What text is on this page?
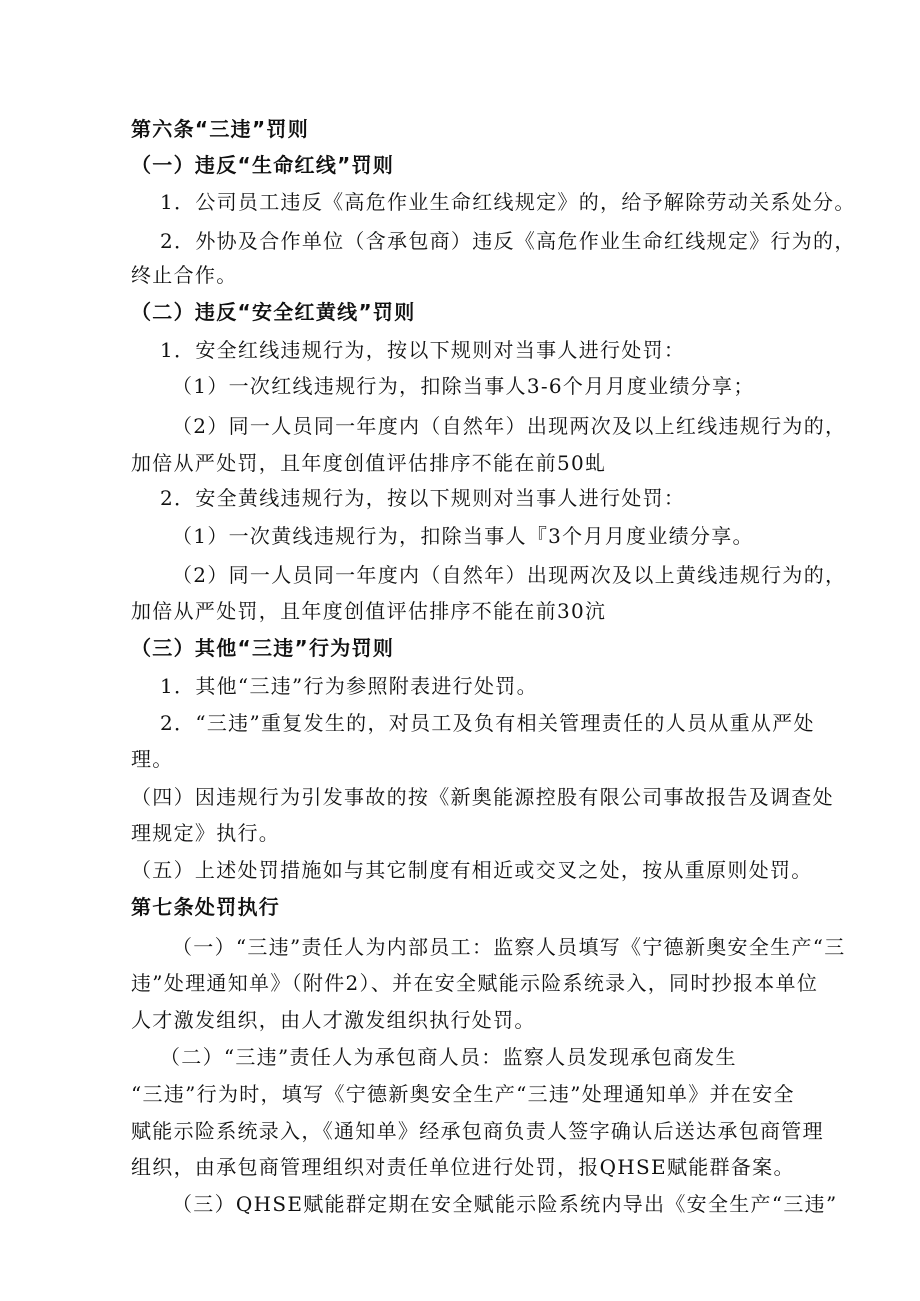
第六条“三违”罚则
（一）违反“生命红线”罚则
1．公司员工违反《高危作业生命红线规定》的，给予解除劳动关系处分。
2．外协及合作单位（含承包商）违反《高危作业生命红线规定》行为的，
终止合作。
（二）违反“安全红黄线”罚则
1．安全红线违规行为，按以下规则对当事人进行处罚：
（1）一次红线违规行为，扣除当事人3-6个月月度业绩分享；
（2）同一人员同一年度内（自然年）出现两次及以上红线违规行为的，
加倍从严处罚，且年度创值评估排序不能在前50虬
2．安全黄线违规行为，按以下规则对当事人进行处罚：
（1）一次黄线违规行为，扣除当事人『3个月月度业绩分享。
（2）同一人员同一年度内（自然年）出现两次及以上黄线违规行为的，
加倍从严处罚，且年度创值评估排序不能在前30沆
（三）其他“三违”行为罚则
1．其他“三违”行为参照附表进行处罚。
2．“三违”重复发生的，对员工及负有相关管理责任的人员从重从严处
理。
（四）因违规行为引发事故的按《新奥能源控股有限公司事故报告及调查处
理规定》执行。
（五）上述处罚措施如与其它制度有相近或交叉之处，按从重原则处罚。
第七条处罚执行
（一）“三违”责任人为内部员工：监察人员填写《宁德新奥安全生产“三
违”处理通知单》（附件2）、并在安全赋能示险系统录入，同时抄报本单位
人才激发组织，由人才激发组织执行处罚。
（二）“三违”责任人为承包商人员：监察人员发现承包商发生
“三违”行为时，填写《宁德新奥安全生产“三违”处理通知单》并在安全
赋能示险系统录入，《通知单》经承包商负责人签字确认后送达承包商管理
组织，由承包商管理组织对责任单位进行处罚，报QHSE赋能群备案。
（三）QHSE赋能群定期在安全赋能示险系统内导出《安全生产“三违”
